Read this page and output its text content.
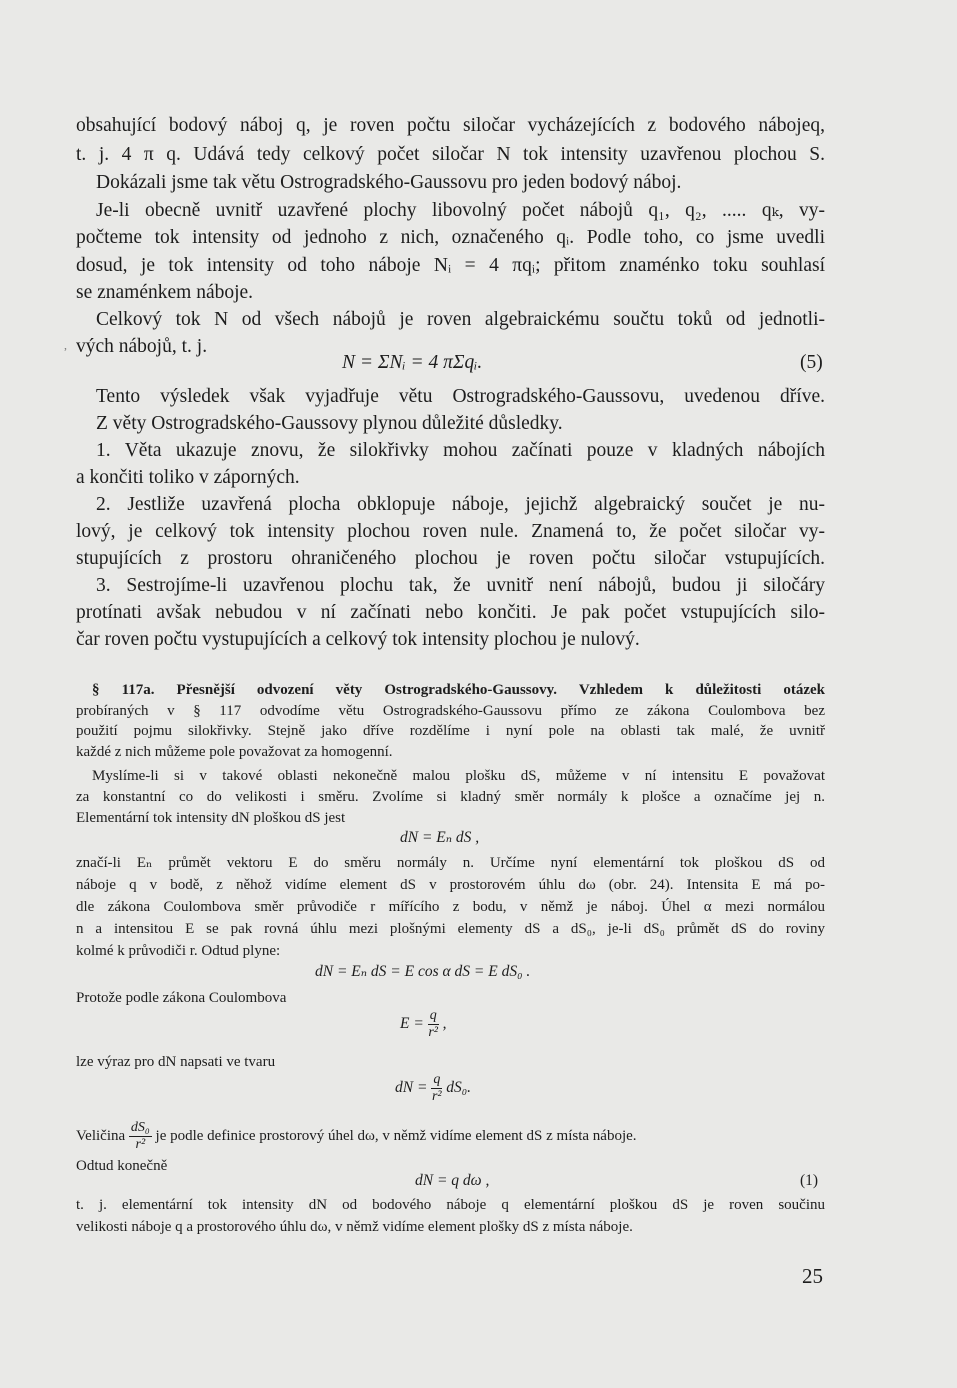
obsahující bodový náboj q, je roven počtu siločar vycházejících z bodového nábojeq,
t. j. 4 π q. Udává tedy celkový počet siločar N tok intensity uzavřenou plochou S.
Dokázali jsme tak větu Ostrogradského-Gaussovu pro jeden bodový náboj.
Je-li obecně uvnitř uzavřené plochy libovolný počet nábojů q₁, q₂, ..... qₖ, vy-
počteme tok intensity od jednoho z nich, označeného qᵢ. Podle toho, co jsme uvedli
dosud, je tok intensity od toho náboje Nᵢ = 4 πqᵢ; přitom znaménko toku souhlasí
se znaménkem náboje.
Celkový tok N od všech nábojů je roven algebraickému součtu toků od jednotli-
vých nábojů, t. j.
,
N = ΣNᵢ = 4 πΣqᵢ.	(5)
Tento výsledek však vyjadřuje větu Ostrogradského-Gaussovu, uvedenou dříve.
Z věty Ostrogradského-Gaussovy plynou důležité důsledky.
1. Věta ukazuje znovu, že silokřivky mohou začínati pouze v kladných nábojích
a končiti toliko v záporných.
2. Jestliže uzavřená plocha obklopuje náboje, jejichž algebraický součet je nu-
lový, je celkový tok intensity plochou roven nule. Znamená to, že počet siločar vy-
stupujících z prostoru ohraničeného plochou je roven počtu siločar vstupujících.
3. Sestrojíme-li uzavřenou plochu tak, že uvnitř není nábojů, budou ji siločáry
protínati avšak nebudou v ní začínati nebo končiti. Je pak počet vstupujících silo-
čar roven počtu vystupujících a celkový tok intensity plochou je nulový.
§ 117a. Přesnější odvození věty Ostrogradského-Gaussovy. Vzhledem k důležitosti otázek
probíraných v § 117 odvodíme větu Ostrogradského-Gaussovu přímo ze zákona Coulombova bez
použití pojmu silokřivky. Stejně jako dříve rozdělíme i nyní pole na oblasti tak malé, že uvnitř
každé z nich můžeme pole považovat za homogenní.
Myslíme-li si v takové oblasti nekonečně malou plošku dS, můžeme v ní intensitu E považovat
za konstantní co do velikosti i směru. Zvolíme si kladný směr normály k plošce a označíme jej n.
Elementární tok intensity dN ploškou dS jest
dN = Eₙ dS ,
značí-li Eₙ průmět vektoru E do směru normály n. Určíme nyní elementární tok ploškou dS od
náboje q v bodě, z něhož vidíme element dS v prostorovém úhlu dω (obr. 24). Intensita E má po-
dle zákona Coulombova směr průvodiče r mířícího z bodu, v němž je náboj. Úhel α mezi normálou
n a intensitou E se pak rovná úhlu mezi plošnými elementy dS a dS₀, je-li dS₀ průmět dS do roviny
kolmé k průvodiči r. Odtud plyne:
dN = Eₙ dS = E cos α dS = E dS₀ .
Protože podle zákona Coulombova
$E = \frac{q}{\text{r²}}$ ,
lze výraz pro dN napsati ve tvaru
dN = $\frac{q}{\text{r²}} dS_0$.
Veličina $\frac{\text{dS₀}}{\text{r²}}$ je podle definice prostorový úhel dω, v němž vidíme element dS z místa náboje.
Odtud konečně
dN = q dω ,	(1)
t. j. elementární tok intensity dN od bodového náboje q elementární ploškou dS je roven součinu
velikosti náboje q a prostorového úhlu dω, v němž vidíme element plošky dS z místa náboje.
25
